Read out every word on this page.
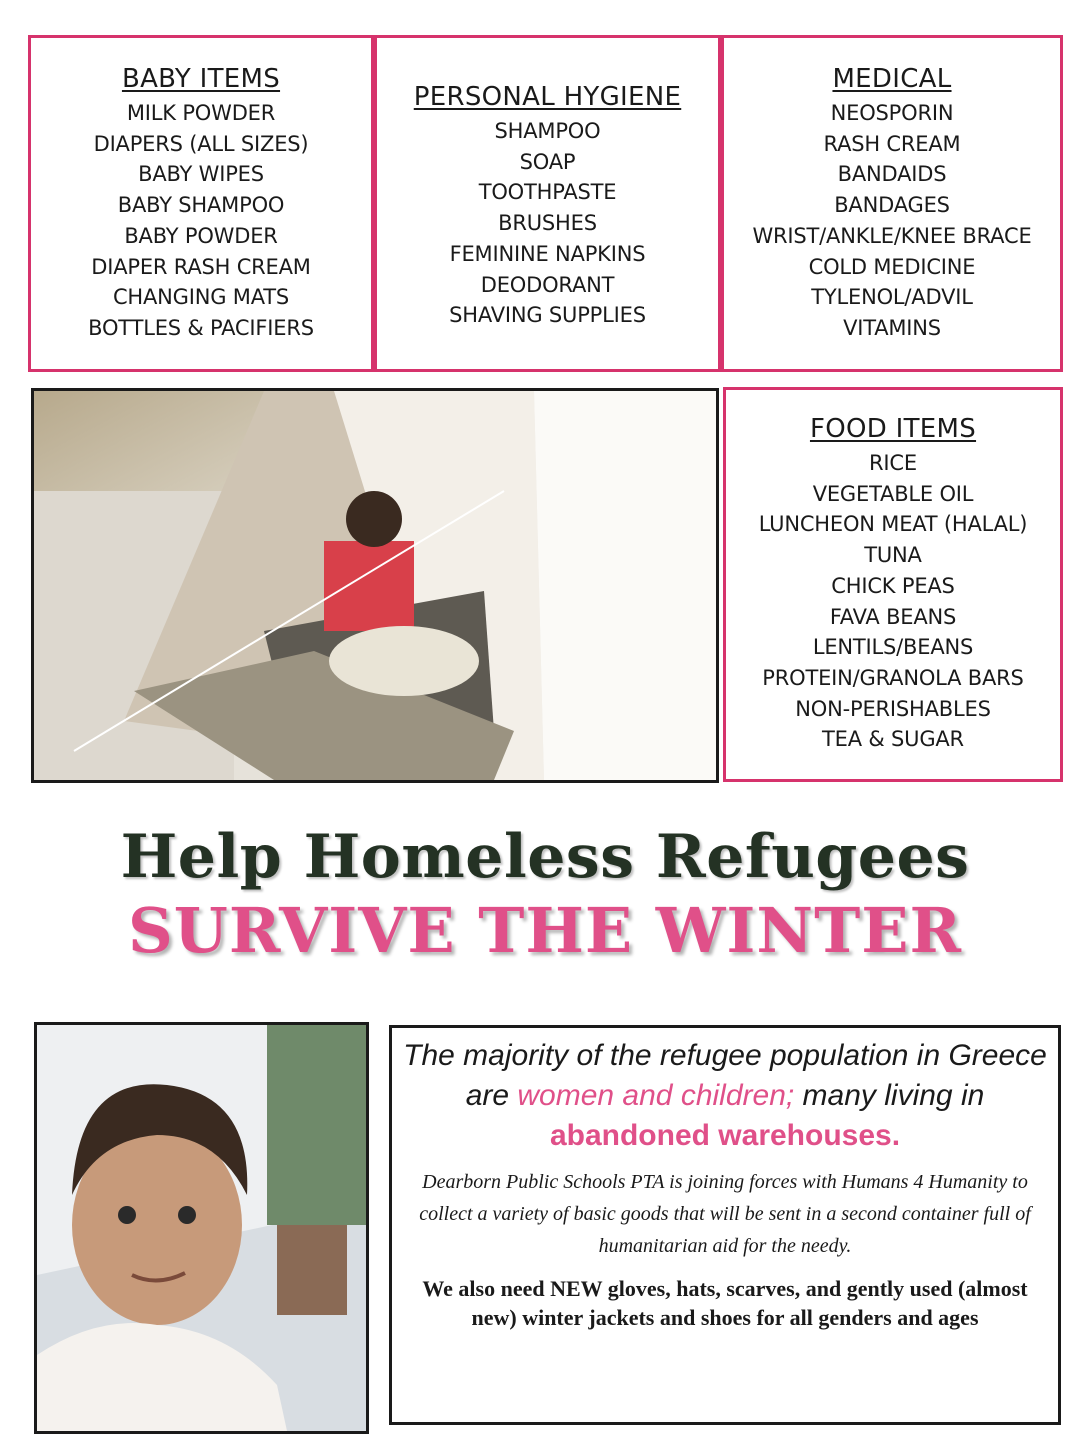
BABY ITEMS
MILK POWDER
DIAPERS (ALL SIZES)
BABY WIPES
BABY SHAMPOO
BABY POWDER
DIAPER RASH CREAM
CHANGING MATS
BOTTLES & PACIFIERS
PERSONAL HYGIENE
SHAMPOO
SOAP
TOOTHPASTE
BRUSHES
FEMININE NAPKINS
DEODORANT
SHAVING SUPPLIES
MEDICAL
NEOSPORIN
RASH CREAM
BANDAIDS
BANDAGES
WRIST/ANKLE/KNEE BRACE
COLD MEDICINE
TYLENOL/ADVIL
VITAMINS
FOOD ITEMS
RICE
VEGETABLE OIL
LUNCHEON MEAT (HALAL)
TUNA
CHICK PEAS
FAVA BEANS
LENTILS/BEANS
PROTEIN/GRANOLA BARS
NON-PERISHABLES
TEA & SUGAR
Help Homeless Refugees
SURVIVE THE WINTER

The majority of the refugee population in Greece are women and children; many living in abandoned warehouses.

Dearborn Public Schools PTA is joining forces with Humans 4 Humanity to collect a variety of basic goods that will be sent in a second container full of humanitarian aid for the needy.

We also need NEW gloves, hats, scarves, and gently used (almost new) winter jackets and shoes for all genders and ages
